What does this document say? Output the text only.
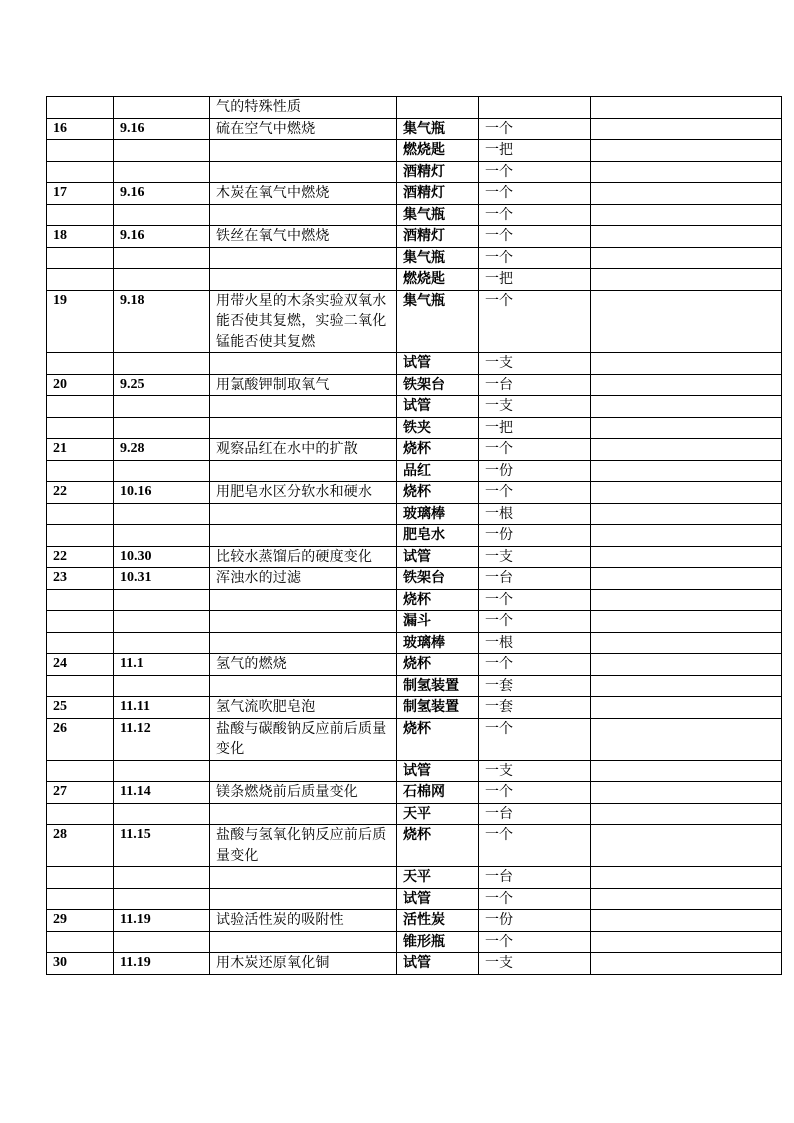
		气的特殊性质			
16	9.16	硫在空气中燃烧	集气瓶	一个	
			燃烧匙	一把	
			酒精灯	一个	
17	9.16	木炭在氧气中燃烧	酒精灯	一个	
			集气瓶	一个	
18	9.16	铁丝在氧气中燃烧	酒精灯	一个	
			集气瓶	一个	
			燃烧匙	一把	
19	9.18	用带火星的木条实验双氧水能否使其复燃，实验二氧化锰能否使其复燃	集气瓶	一个	
			试管	一支	
20	9.25	用氯酸钾制取氧气	铁架台	一台	
			试管	一支	
			铁夹	一把	
21	9.28	观察品红在水中的扩散	烧杯	一个	
			品红	一份	
22	10.16	用肥皂水区分软水和硬水	烧杯	一个	
			玻璃棒	一根	
			肥皂水	一份	
22	10.30	比较水蒸馏后的硬度变化	试管	一支	
23	10.31	浑浊水的过滤	铁架台	一台	
			烧杯	一个	
			漏斗	一个	
			玻璃棒	一根	
24	11.1	氢气的燃烧	烧杯	一个	
			制氢装置	一套	
25	11.11	氢气流吹肥皂泡	制氢装置	一套	
26	11.12	盐酸与碳酸钠反应前后质量变化	烧杯	一个	
			试管	一支	
27	11.14	镁条燃烧前后质量变化	石棉网	一个	
			天平	一台	
28	11.15	盐酸与氢氧化钠反应前后质量变化	烧杯	一个	
			天平	一台	
			试管	一个	
29	11.19	试验活性炭的吸附性	活性炭	一份	
			锥形瓶	一个	
30	11.19	用木炭还原氧化铜	试管	一支	
